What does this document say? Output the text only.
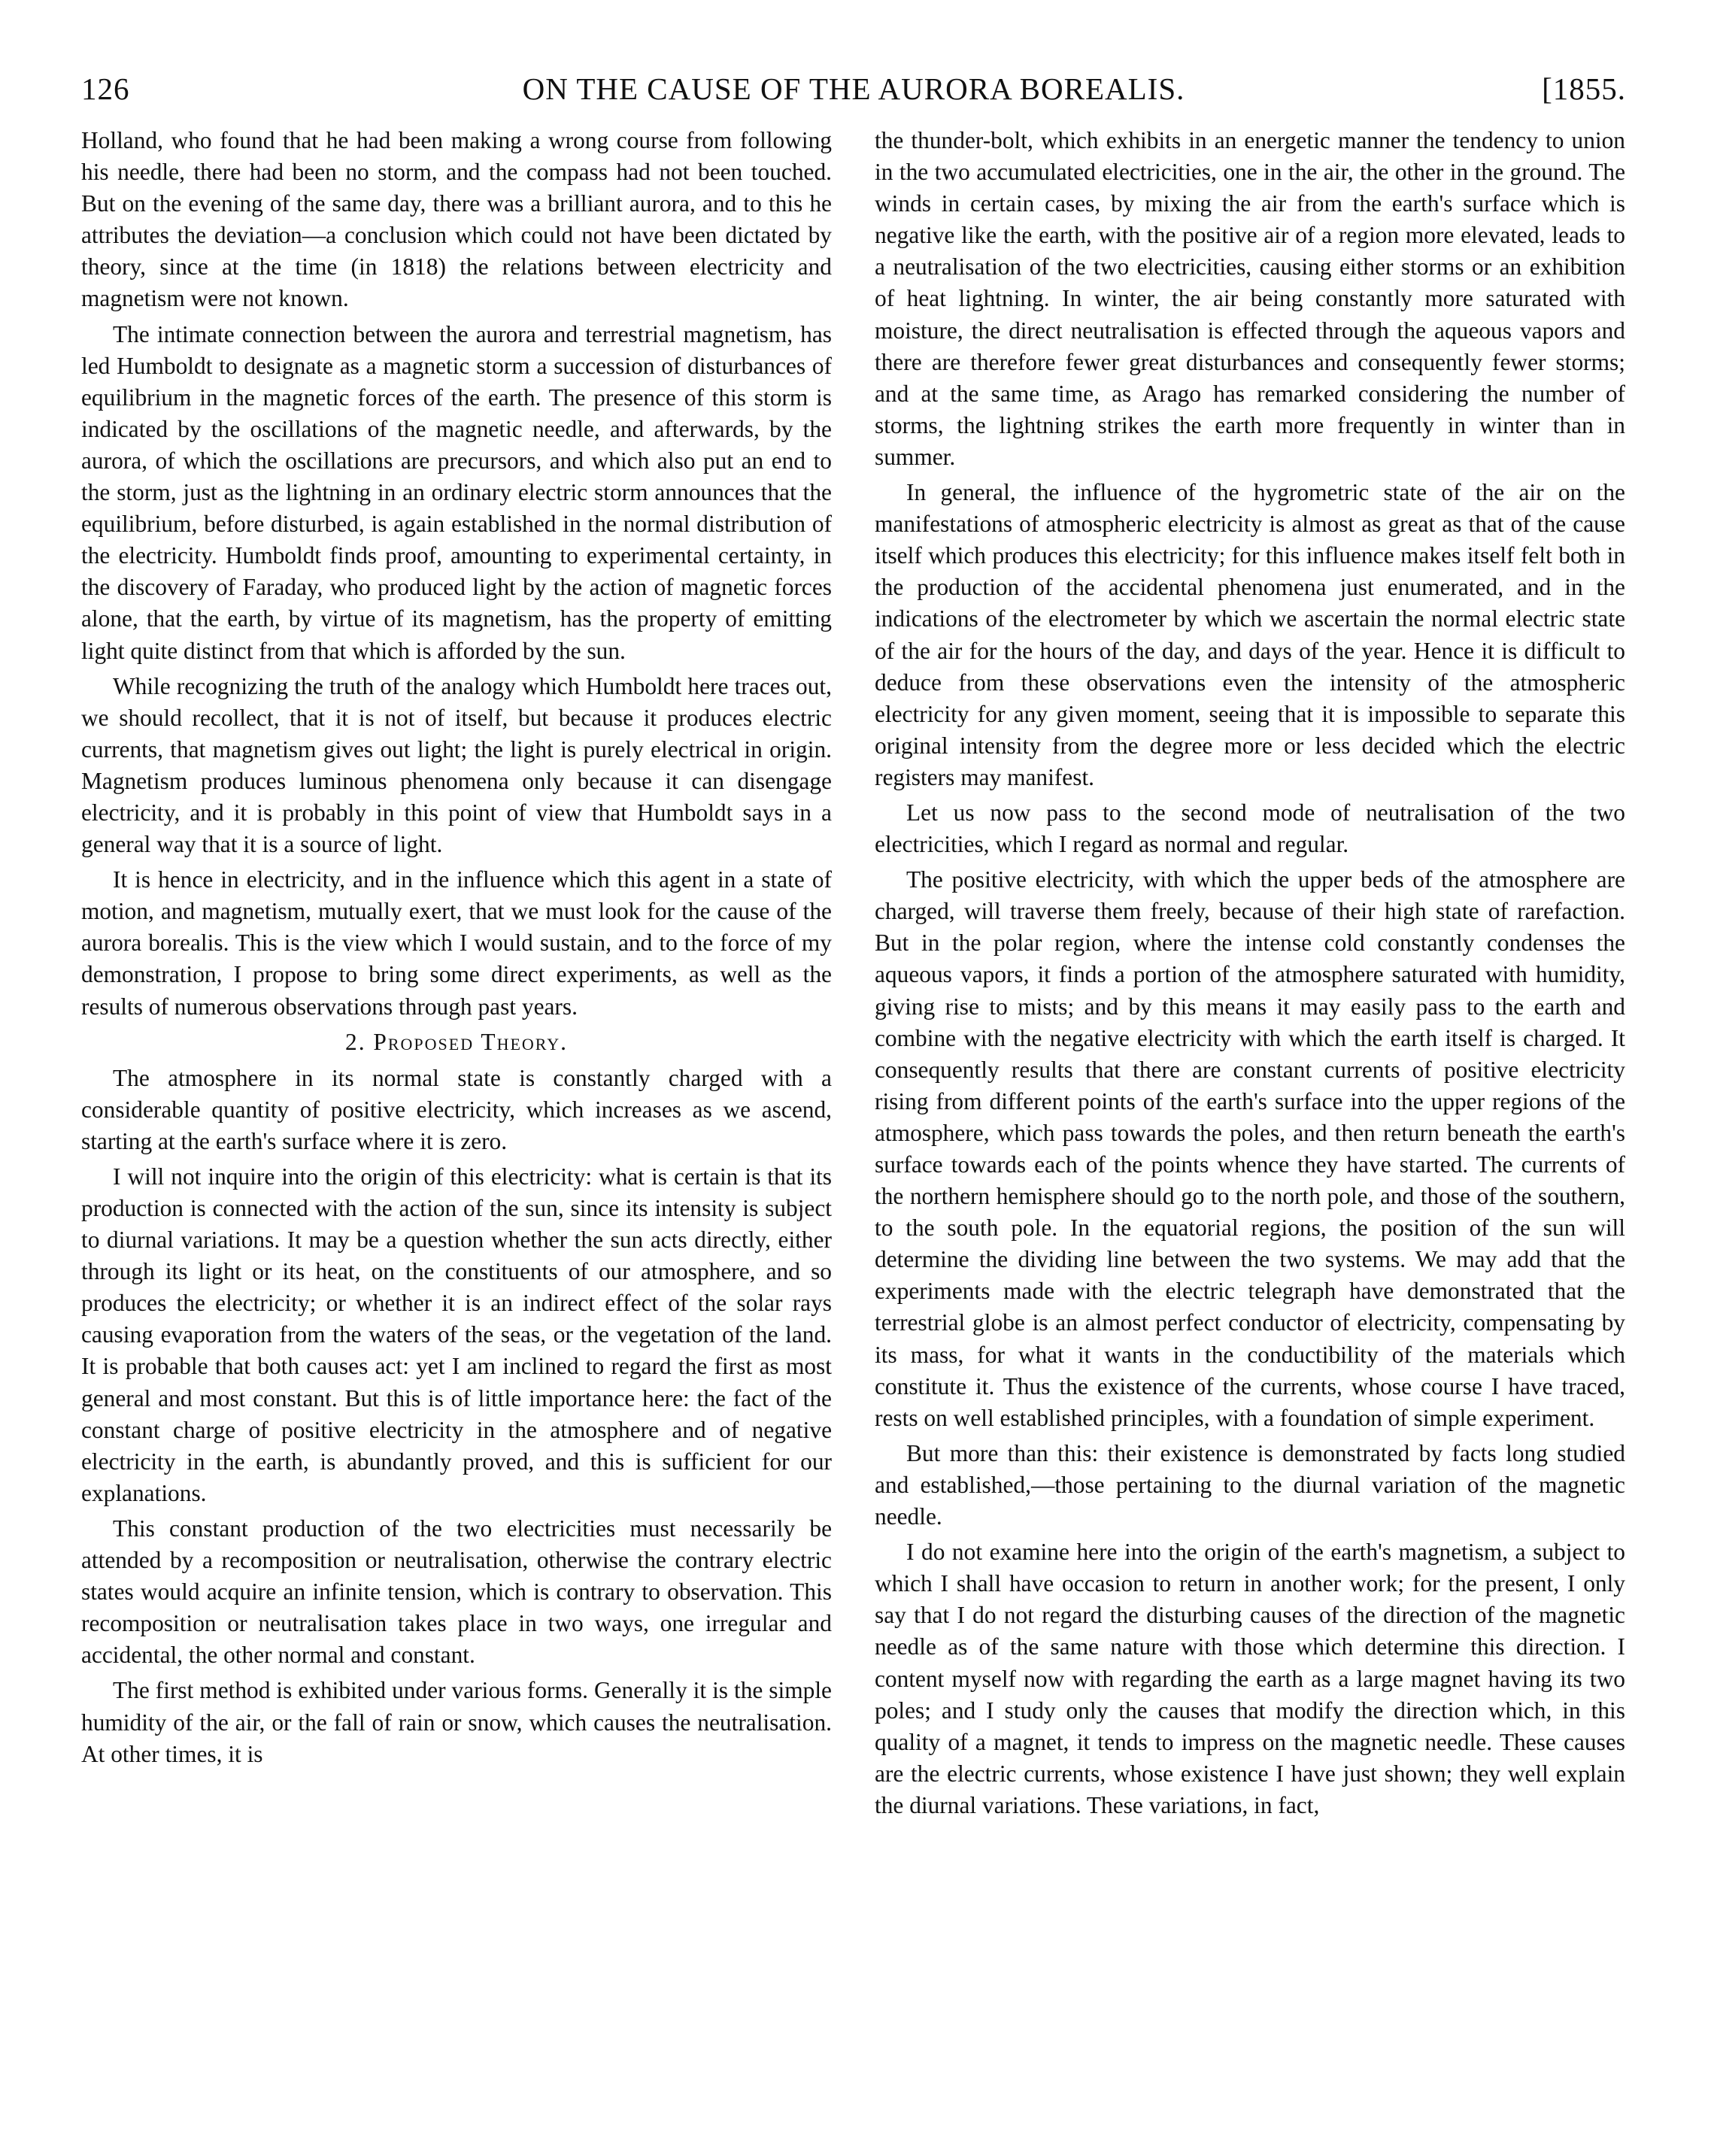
126	ON THE CAUSE OF THE AURORA BOREALIS.	[1855.

Holland, who found that he had been making a wrong course from following his needle, there had been no storm, and the compass had not been touched. But on the evening of the same day, there was a brilliant aurora, and to this he attributes the deviation—a conclusion which could not have been dictated by theory, since at the time (in 1818) the relations between electricity and magnetism were not known.

The intimate connection between the aurora and terrestrial magnetism, has led Humboldt to designate as a magnetic storm a succession of disturbances of equilibrium in the magnetic forces of the earth. The presence of this storm is indicated by the oscillations of the magnetic needle, and afterwards, by the aurora, of which the oscillations are precursors, and which also put an end to the storm, just as the lightning in an ordinary electric storm announces that the equilibrium, before disturbed, is again established in the normal distribution of the electricity. Humboldt finds proof, amounting to experimental certainty, in the discovery of Faraday, who produced light by the action of magnetic forces alone, that the earth, by virtue of its magnetism, has the property of emitting light quite distinct from that which is afforded by the sun.

While recognizing the truth of the analogy which Humboldt here traces out, we should recollect, that it is not of itself, but because it produces electric currents, that magnetism gives out light; the light is purely electrical in origin. Magnetism produces luminous phenomena only because it can disengage electricity, and it is probably in this point of view that Humboldt says in a general way that it is a source of light.

It is hence in electricity, and in the influence which this agent in a state of motion, and magnetism, mutually exert, that we must look for the cause of the aurora borealis. This is the view which I would sustain, and to the force of my demonstration, I propose to bring some direct experiments, as well as the results of numerous observations through past years.

2. Proposed Theory.

The atmosphere in its normal state is constantly charged with a considerable quantity of positive electricity, which increases as we ascend, starting at the earth's surface where it is zero.

I will not inquire into the origin of this electricity: what is certain is that its production is connected with the action of the sun, since its intensity is subject to diurnal variations. It may be a question whether the sun acts directly, either through its light or its heat, on the constituents of our atmosphere, and so produces the electricity; or whether it is an indirect effect of the solar rays causing evaporation from the waters of the seas, or the vegetation of the land. It is probable that both causes act: yet I am inclined to regard the first as most general and most constant. But this is of little importance here: the fact of the constant charge of positive electricity in the atmosphere and of negative electricity in the earth, is abundantly proved, and this is sufficient for our explanations.

This constant production of the two electricities must necessarily be attended by a recomposition or neutralisation, otherwise the contrary electric states would acquire an infinite tension, which is contrary to observation. This recomposition or neutralisation takes place in two ways, one irregular and accidental, the other normal and constant.

The first method is exhibited under various forms. Generally it is the simple humidity of the air, or the fall of rain or snow, which causes the neutralisation. At other times, it is

the thunder-bolt, which exhibits in an energetic manner the tendency to union in the two accumulated electricities, one in the air, the other in the ground. The winds in certain cases, by mixing the air from the earth's surface which is negative like the earth, with the positive air of a region more elevated, leads to a neutralisation of the two electricities, causing either storms or an exhibition of heat lightning. In winter, the air being constantly more saturated with moisture, the direct neutralisation is effected through the aqueous vapors and there are therefore fewer great disturbances and consequently fewer storms; and at the same time, as Arago has remarked considering the number of storms, the lightning strikes the earth more frequently in winter than in summer.

In general, the influence of the hygrometric state of the air on the manifestations of atmospheric electricity is almost as great as that of the cause itself which produces this electricity; for this influence makes itself felt both in the production of the accidental phenomena just enumerated, and in the indications of the electrometer by which we ascertain the normal electric state of the air for the hours of the day, and days of the year. Hence it is difficult to deduce from these observations even the intensity of the atmospheric electricity for any given moment, seeing that it is impossible to separate this original intensity from the degree more or less decided which the electric registers may manifest.

Let us now pass to the second mode of neutralisation of the two electricities, which I regard as normal and regular.

The positive electricity, with which the upper beds of the atmosphere are charged, will traverse them freely, because of their high state of rarefaction. But in the polar region, where the intense cold constantly condenses the aqueous vapors, it finds a portion of the atmosphere saturated with humidity, giving rise to mists; and by this means it may easily pass to the earth and combine with the negative electricity with which the earth itself is charged. It consequently results that there are constant currents of positive electricity rising from different points of the earth's surface into the upper regions of the atmosphere, which pass towards the poles, and then return beneath the earth's surface towards each of the points whence they have started. The currents of the northern hemisphere should go to the north pole, and those of the southern, to the south pole. In the equatorial regions, the position of the sun will determine the dividing line between the two systems. We may add that the experiments made with the electric telegraph have demonstrated that the terrestrial globe is an almost perfect conductor of electricity, compensating by its mass, for what it wants in the conductibility of the materials which constitute it. Thus the existence of the currents, whose course I have traced, rests on well established principles, with a foundation of simple experiment.

But more than this: their existence is demonstrated by facts long studied and established,—those pertaining to the diurnal variation of the magnetic needle.

I do not examine here into the origin of the earth's magnetism, a subject to which I shall have occasion to return in another work; for the present, I only say that I do not regard the disturbing causes of the direction of the magnetic needle as of the same nature with those which determine this direction. I content myself now with regarding the earth as a large magnet having its two poles; and I study only the causes that modify the direction which, in this quality of a magnet, it tends to impress on the magnetic needle. These causes are the electric currents, whose existence I have just shown; they well explain the diurnal variations. These variations, in fact,
